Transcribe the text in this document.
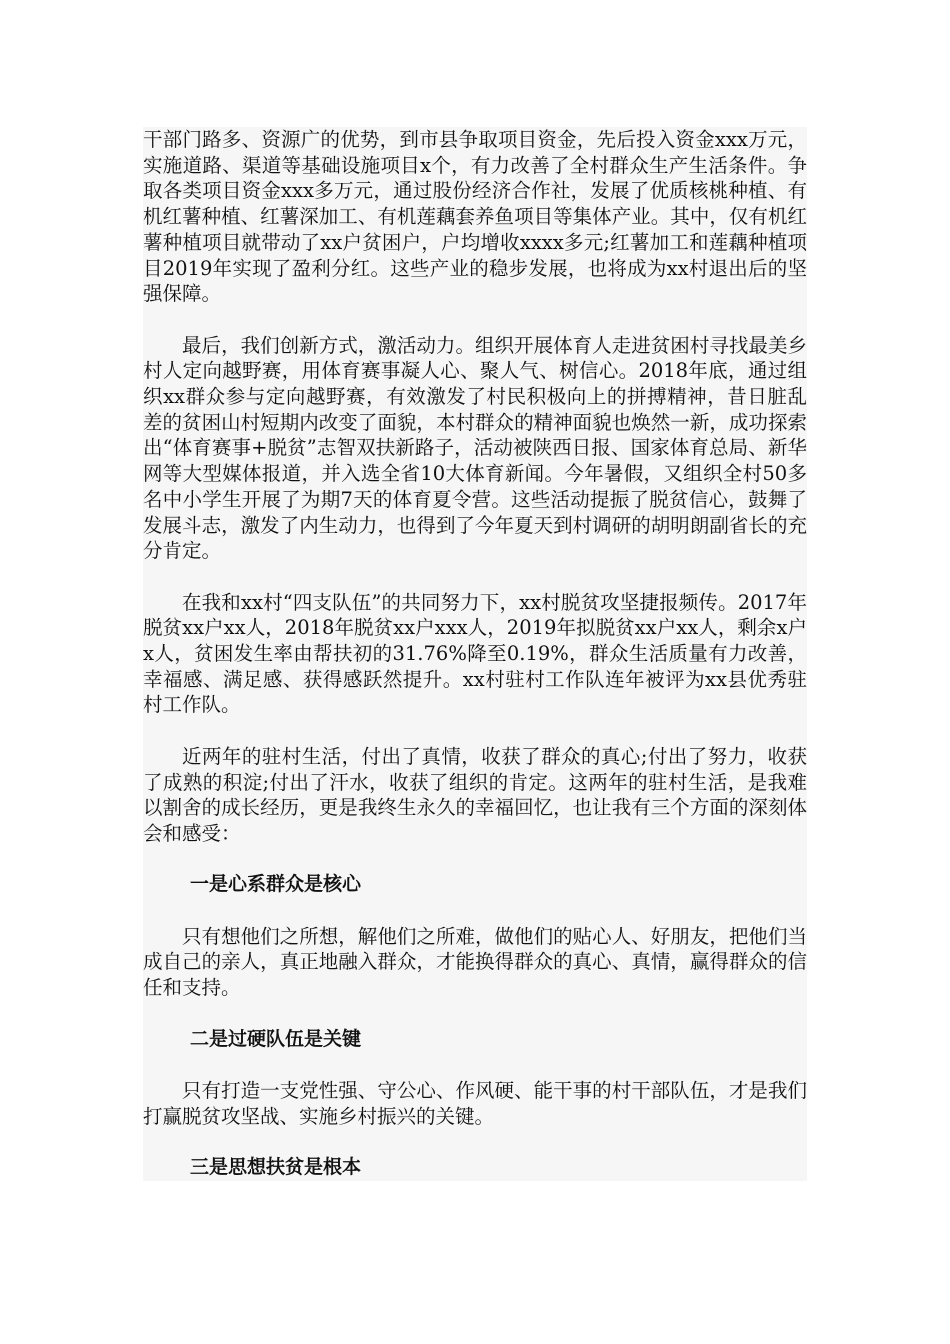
干部门路多、资源广的优势，到市县争取项目资金，先后投入资金xxx万元，实施道路、渠道等基础设施项目x个，有力改善了全村群众生产生活条件。争取各类项目资金xxx多万元，通过股份经济合作社，发展了优质核桃种植、有机红薯种植、红薯深加工、有机莲藕套养鱼项目等集体产业。其中，仅有机红薯种植项目就带动了xx户贫困户，户均增收xxxx多元;红薯加工和莲藕种植项目2019年实现了盈利分红。这些产业的稳步发展，也将成为xx村退出后的坚强保障。

最后，我们创新方式，激活动力。组织开展体育人走进贫困村寻找最美乡村人定向越野赛，用体育赛事凝人心、聚人气、树信心。2018年底，通过组织xx群众参与定向越野赛，有效激发了村民积极向上的拼搏精神，昔日脏乱差的贫困山村短期内改变了面貌，本村群众的精神面貌也焕然一新，成功探索出“体育赛事+脱贫”志智双扶新路子，活动被陕西日报、国家体育总局、新华网等大型媒体报道，并入选全省10大体育新闻。今年暑假，又组织全村50多名中小学生开展了为期7天的体育夏令营。这些活动提振了脱贫信心，鼓舞了发展斗志，激发了内生动力，也得到了今年夏天到村调研的胡明朗副省长的充分肯定。

在我和xx村“四支队伍”的共同努力下，xx村脱贫攻坚捷报频传。2017年脱贫xx户xx人，2018年脱贫xx户xxx人，2019年拟脱贫xx户xx人，剩余x户x人，贫困发生率由帮扶初的31.76%降至0.19%，群众生活质量有力改善，幸福感、满足感、获得感跃然提升。xx村驻村工作队连年被评为xx县优秀驻村工作队。

近两年的驻村生活，付出了真情，收获了群众的真心;付出了努力，收获了成熟的积淀;付出了汗水，收获了组织的肯定。这两年的驻村生活，是我难以割舍的成长经历，更是我终生永久的幸福回忆，也让我有三个方面的深刻体会和感受：

一是心系群众是核心

只有想他们之所想，解他们之所难，做他们的贴心人、好朋友，把他们当成自己的亲人，真正地融入群众，才能换得群众的真心、真情，赢得群众的信任和支持。

二是过硬队伍是关键

只有打造一支党性强、守公心、作风硬、能干事的村干部队伍，才是我们打赢脱贫攻坚战、实施乡村振兴的关键。

三是思想扶贫是根本
